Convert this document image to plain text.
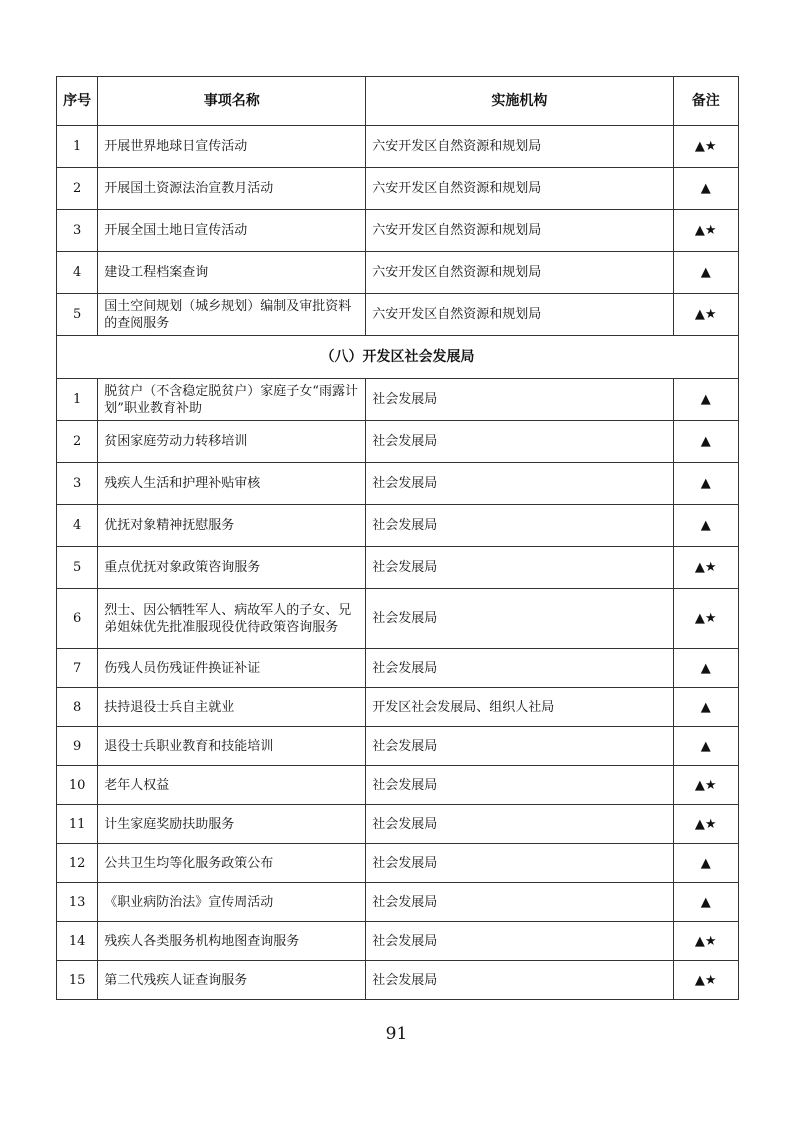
序号	事项名称	实施机构	备注
1	开展世界地球日宣传活动	六安开发区自然资源和规划局	▲★
2	开展国土资源法治宣教月活动	六安开发区自然资源和规划局	▲
3	开展全国土地日宣传活动	六安开发区自然资源和规划局	▲★
4	建设工程档案查询	六安开发区自然资源和规划局	▲
5	国土空间规划（城乡规划）编制及审批资料的查阅服务	六安开发区自然资源和规划局	▲★
（八）开发区社会发展局			
1	脱贫户（不含稳定脱贫户）家庭子女“雨露计划”职业教育补助	社会发展局	▲
2	贫困家庭劳动力转移培训	社会发展局	▲
3	残疾人生活和护理补贴审核	社会发展局	▲
4	优抚对象精神抚慰服务	社会发展局	▲
5	重点优抚对象政策咨询服务	社会发展局	▲★
6	烈士、因公牺牲军人、病故军人的子女、兄弟姐妹优先批准服现役优待政策咨询服务	社会发展局	▲★
7	伤残人员伤残证件换证补证	社会发展局	▲
8	扶持退役士兵自主就业	开发区社会发展局、组织人社局	▲
9	退役士兵职业教育和技能培训	社会发展局	▲
10	老年人权益	社会发展局	▲★
11	计生家庭奖励扶助服务	社会发展局	▲★
12	公共卫生均等化服务政策公布	社会发展局	▲
13	《职业病防治法》宣传周活动	社会发展局	▲
14	残疾人各类服务机构地图查询服务	社会发展局	▲★
15	第二代残疾人证查询服务	社会发展局	▲★
91
